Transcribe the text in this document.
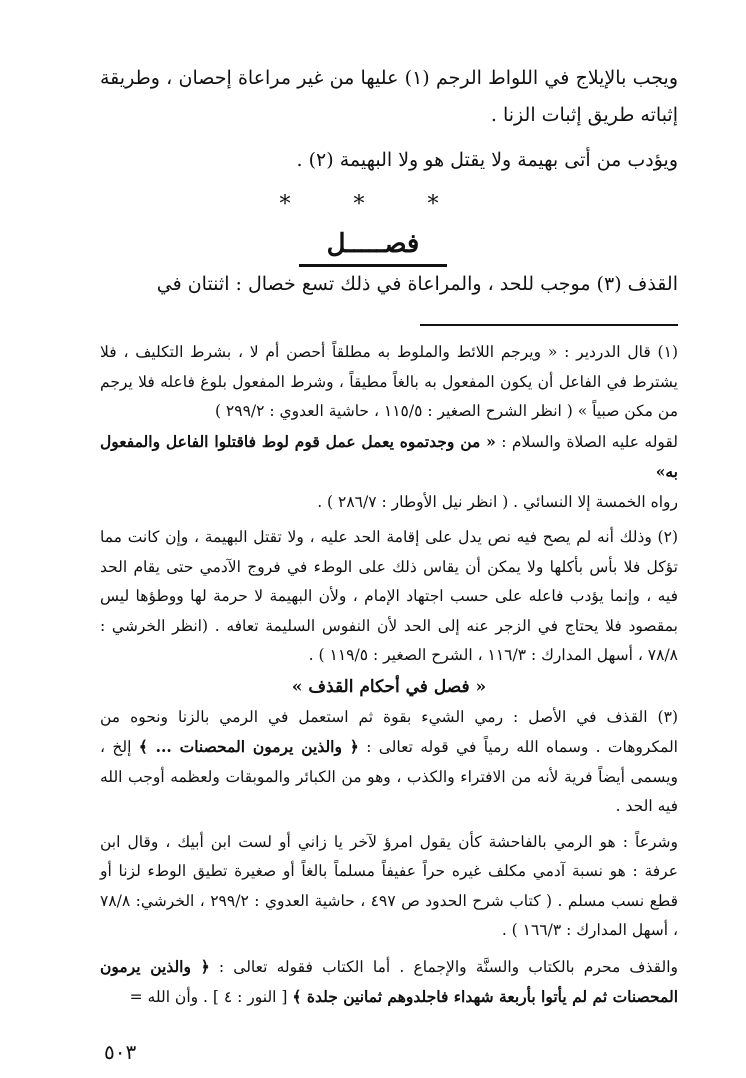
ويجب بالإيلاج في اللواط الرجم (١) عليها من غير مراعاة إحصان ، وطريقة إثباته طريق إثبات الزنا .

ويؤدب من أتى بهيمة ولا يقتل هو ولا البهيمة (٢) .

* * *
فصـــــل

القذف (٣) موجب للحد ، والمراعاة في ذلك تسع خصال : اثنتان في

(١) قال الدردير : « ويرجم اللائط والملوط به مطلقاً أحصن أم لا ، بشرط التكليف ، فلا يشترط في الفاعل أن يكون المفعول به بالغاً مطيقاً ، وشرط المفعول بلوغ فاعله فلا يرجم من مكن صبياً » ( انظر الشرح الصغير : ٥/‏١١٥ ، حاشية العدوي : ٢/‏٢٩٩ )

لقوله عليه الصلاة والسلام : « من وجدتموه يعمل عمل قوم لوط فاقتلوا الفاعل والمفعول به»

رواه الخمسة إلا النسائي . ( انظر نيل الأوطار : ٧/‏٢٨٦ ) .

(٢) وذلك أنه لم يصح فيه نص يدل على إقامة الحد عليه ، ولا تقتل البهيمة ، وإن كانت مما تؤكل فلا بأس بأكلها ولا يمكن أن يقاس ذلك على الوطء في فروج الآدمي حتى يقام الحد فيه ، وإنما يؤدب فاعله على حسب اجتهاد الإمام ، ولأن البهيمة لا حرمة لها ووطؤها ليس بمقصود فلا يحتاج في الزجر عنه إلى الحد لأن النفوس السليمة تعافه . (انظر الخرشي : ٨/‏٧٨ ، أسهل المدارك : ٣/‏١١٦ ، الشرح الصغير : ٥/‏١١٩ ) .

« فصل في أحكام القذف »

(٣) القذف في الأصل : رمي الشيء بقوة ثم استعمل في الرمي بالزنا ونحوه من المكروهات . وسماه الله رمياً في قوله تعالى : ﴿ والذين يرمون المحصنات ... ﴾ إلخ ، ويسمى أيضاً فرية لأنه من الافتراء والكذب ، وهو من الكبائر والموبقات ولعظمه أوجب الله فيه الحد .

وشرعاً : هو الرمي بالفاحشة كأن يقول امرؤ لآخر يا زاني أو لست ابن أبيك ، وقال ابن عرفة : هو نسبة آدمي مكلف غيره حراً عفيفاً مسلماً بالغاً أو صغيرة تطيق الوطء لزنا أو قطع نسب مسلم . ( كتاب شرح الحدود ص ٤٩٧ ، حاشية العدوي : ٢/‏٢٩٩ ، الخرشي: ٨/‏٧٨ ، أسهل المدارك : ٣/‏١٦٦ ) .

والقذف محرم بالكتاب والسنَّة والإجماع . أما الكتاب فقوله تعالى : ﴿ والذين يرمون المحصنات ثم لم يأتوا بأربعة شهداء فاجلدوهم ثمانين جلدة ﴾ [ النور : ٤ ] . وأن الله =

٥٠٣
